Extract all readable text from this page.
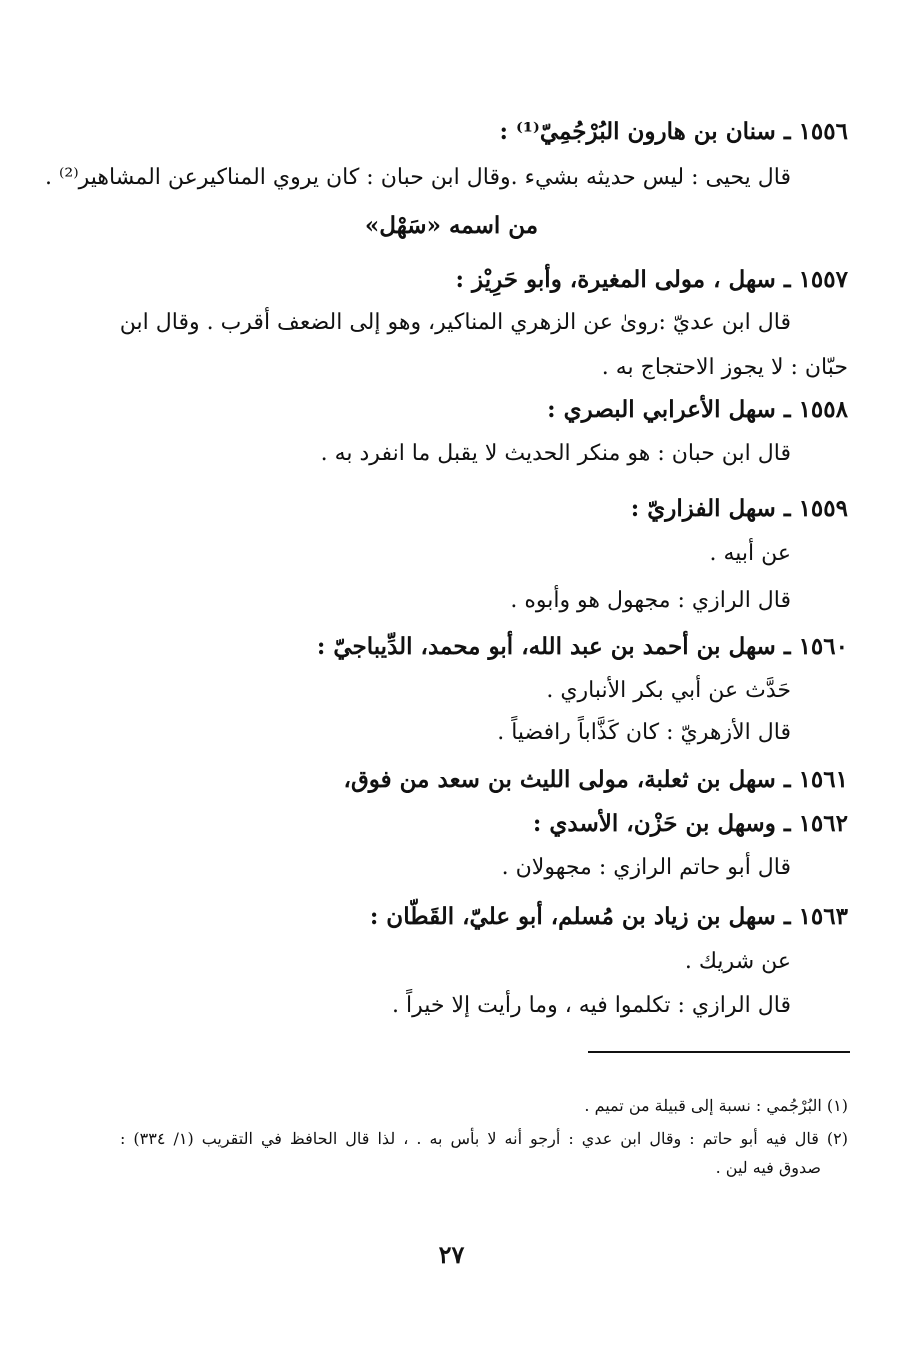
١٥٥٦ ـ سنان بن هارون البُرْجُمِيّ⁽¹⁾ :
قال يحيى : ليس حديثه بشيء .وقال ابن حبان : كان يروي المناكيرعن المشاهير⁽²⁾ .
من اسمه «سَهْل»
١٥٥٧ ـ سهل ، مولى المغيرة، وأبو حَرِيْز :
قال ابن عديّ :روىٰ عن الزهري المناكير، وهو إلى الضعف أقرب . وقال ابن
حبّان : لا يجوز الاحتجاج به .
١٥٥٨ ـ سهل الأعرابي البصري :
قال ابن حبان : هو منكر الحديث لا يقبل ما انفرد به .
١٥٥٩ ـ سهل الفزاريّ :
عن أبيه .
قال الرازي : مجهول هو وأبوه .
١٥٦٠ ـ سهل بن أحمد بن عبد الله، أبو محمد، الدِّيباجيّ :
حَدَّث عن أبي بكر الأنباري .
قال الأزهريّ : كان كَذَّاباً رافضياً .
١٥٦١ ـ سهل بن ثعلبة، مولى الليث بن سعد من فوق،
١٥٦٢ ـ وسهل بن حَزْن، الأسدي :
قال أبو حاتم الرازي : مجهولان .
١٥٦٣ ـ سهل بن زياد بن مُسلم، أبو عليّ، القَطّان :
عن شريك .
قال الرازي : تكلموا فيه ، وما رأيت إلا خيراً .
(١) البُرْجُمي : نسبة إلى قبيلة من تميم .
(٢) قال فيه أبو حاتم : وقال ابن عدي : أرجو أنه لا بأس به . ، لذا قال الحافظ في التقريب (١/ ٣٣٤) :
صدوق فيه لين .
٢٧
